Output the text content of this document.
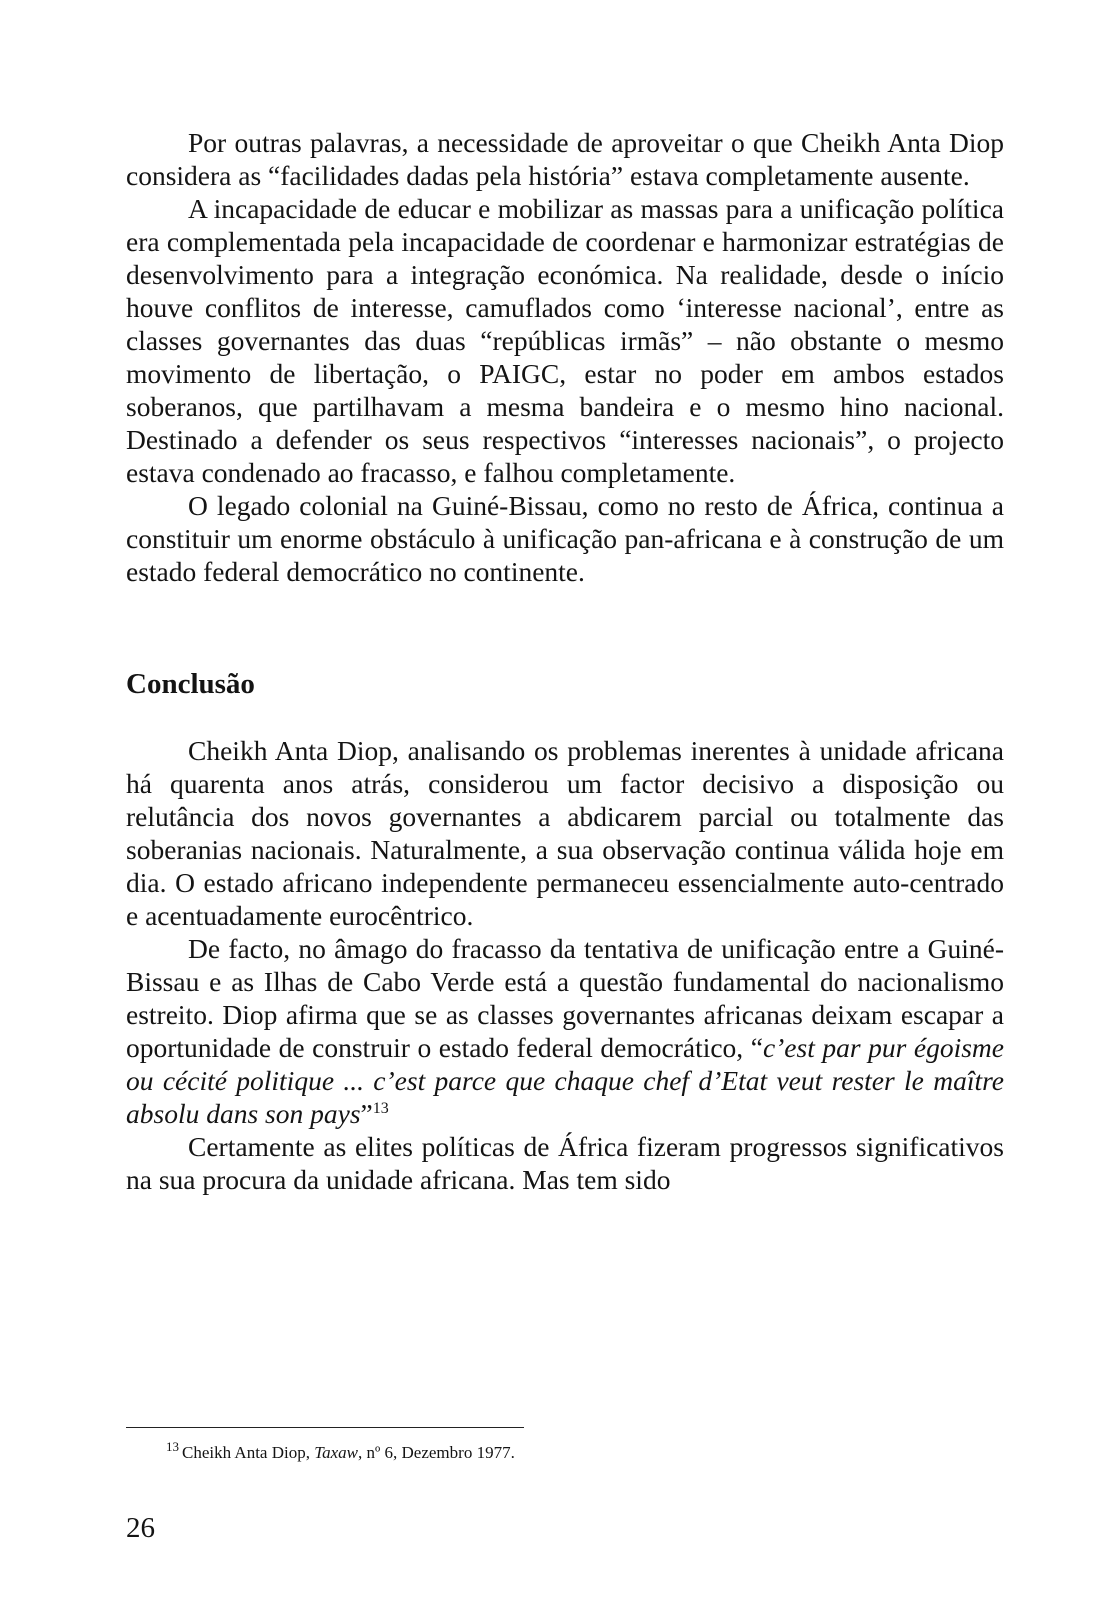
Por outras palavras, a necessidade de aproveitar o que Cheikh Anta Diop considera as “facilidades dadas pela história” estava completamente ausente.

A incapacidade de educar e mobilizar as massas para a unificação política era complementada pela incapacidade de coordenar e harmonizar estratégias de desenvolvimento para a integração económica. Na realidade, desde o início houve conflitos de interesse, camuflados como ‘interesse nacional’, entre as classes governantes das duas “repúblicas irmãs” – não obstante o mesmo movimento de libertação, o PAIGC, estar no poder em ambos estados soberanos, que partilhavam a mesma bandeira e o mesmo hino nacional. Destinado a defender os seus respectivos “interesses nacionais”, o projecto estava condenado ao fracasso, e falhou completamente.

O legado colonial na Guiné-Bissau, como no resto de África, continua a constituir um enorme obstáculo à unificação pan-africana e à construção de um estado federal democrático no continente.

Conclusão

Cheikh Anta Diop, analisando os problemas inerentes à unidade africana há quarenta anos atrás, considerou um factor decisivo a disposição ou relutância dos novos governantes a abdicarem parcial ou totalmente das soberanias nacionais. Naturalmente, a sua observação continua válida hoje em dia. O estado africano independente permaneceu essencialmente auto-centrado e acentuadamente eurocêntrico.

De facto, no âmago do fracasso da tentativa de unificação entre a Guiné-Bissau e as Ilhas de Cabo Verde está a questão fundamental do nacionalismo estreito. Diop afirma que se as classes governantes africanas deixam escapar a oportunidade de construir o estado federal democrático, “c’est par pur égoisme ou cécité politique ... c’est parce que chaque chef d’Etat veut rester le maître absolu dans son pays”$^{13}$

Certamente as elites políticas de África fizeram progressos significativos na sua procura da unidade africana. Mas tem sido

$^{13}$ Cheikh Anta Diop, Taxaw, nº 6, Dezembro 1977.
26
